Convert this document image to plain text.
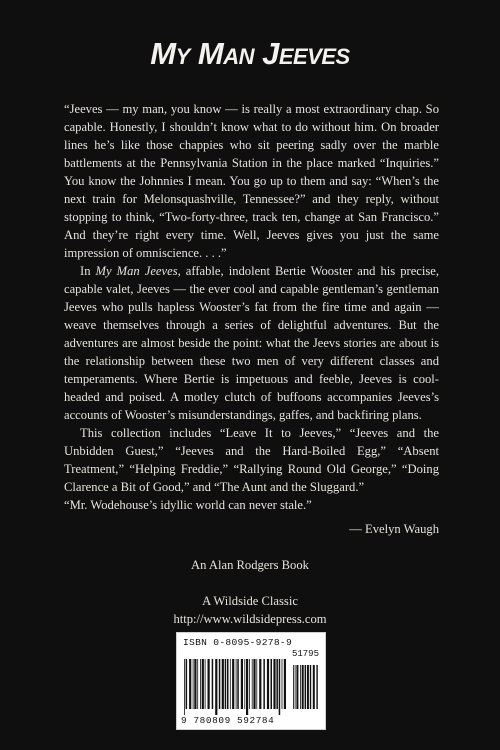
My Man Jeeves

“Jeeves — my man, you know — is really a most extraordinary chap. So capable. Honestly, I shouldn’t know what to do without him. On broader lines he’s like those chappies who sit peering sadly over the marble battlements at the Pennsylvania Station in the place marked “Inquiries.” You know the Johnnies I mean. You go up to them and say: “When’s the next train for Melonsquashville, Tennessee?” and they reply, without stopping to think, “Two-forty-three, track ten, change at San Francisco.” And they’re right every time. Well, Jeeves gives you just the same impression of omniscience. . . .”

In My Man Jeeves, affable, indolent Bertie Wooster and his precise, capable valet, Jeeves — the ever cool and capable gentleman’s gentleman Jeeves who pulls hapless Wooster’s fat from the fire time and again — weave themselves through a series of delightful adventures. But the adventures are almost beside the point: what the Jeevs stories are about is the relationship between these two men of very different classes and temperaments. Where Bertie is impetuous and feeble, Jeeves is cool-headed and poised. A motley clutch of buffoons accompanies Jeeves’s accounts of Wooster’s misunderstandings, gaffes, and backfiring plans.

This collection includes “Leave It to Jeeves,” “Jeeves and the Unbidden Guest,” “Jeeves and the Hard-Boiled Egg,” “Absent Treatment,” “Helping Freddie,” “Rallying Round Old George,” “Doing Clarence a Bit of Good,” and “The Aunt and the Sluggard.”

“Mr. Wodehouse’s idyllic world can never stale.”
— Evelyn Waugh
An Alan Rodgers Book
A Wildside Classic
http://www.wildsidepress.com
ISBN 0-8095-9278-9
51795
9 780809 592784
